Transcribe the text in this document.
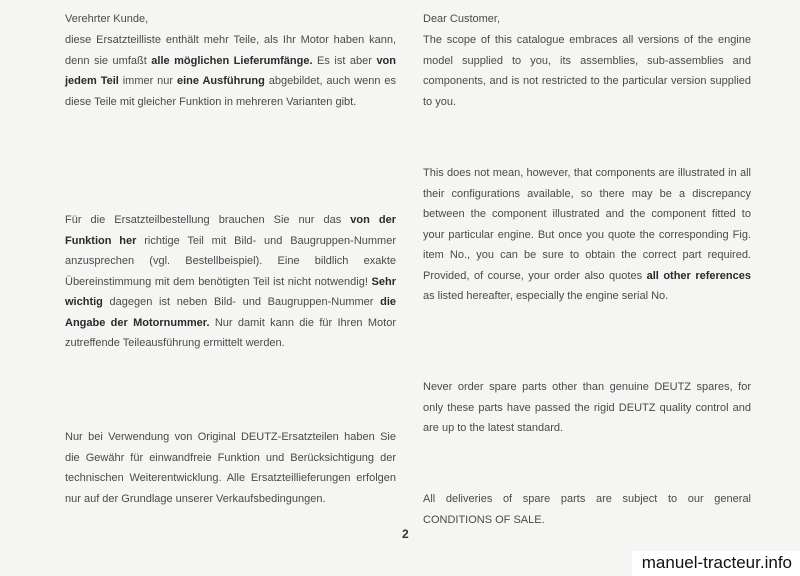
Verehrter Kunde,

diese Ersatzteilliste enthält mehr Teile, als Ihr Motor haben kann, denn sie umfaßt alle möglichen Lieferumfänge. Es ist aber von jedem Teil immer nur eine Ausführung abgebildet, auch wenn es diese Teile mit gleicher Funktion in mehreren Varianten gibt.

Für die Ersatzteilbestellung brauchen Sie nur das von der Funktion her richtige Teil mit Bild- und Baugruppen-Nummer anzusprechen (vgl. Bestellbeispiel). Eine bildlich exakte Übereinstimmung mit dem benötigten Teil ist nicht notwendig! Sehr wichtig dagegen ist neben Bild- und Baugruppen-Nummer die Angabe der Motornummer. Nur damit kann die für Ihren Motor zutreffende Teileausführung ermittelt werden.

Nur bei Verwendung von Original DEUTZ-Ersatzteilen haben Sie die Gewähr für einwandfreie Funktion und Berücksichtigung der technischen Weiterentwicklung. Alle Ersatzteillieferungen erfolgen nur auf der Grundlage unserer Verkaufsbedingungen.

Dear Customer,

The scope of this catalogue embraces all versions of the engine model supplied to you, its assemblies, sub-assemblies and components, and is not restricted to the particular version supplied to you.

This does not mean, however, that components are illustrated in all their configurations available, so there may be a discrepancy between the component illustrated and the component fitted to your particular engine. But once you quote the corresponding Fig. item No., you can be sure to obtain the correct part required. Provided, of course, your order also quotes all other references as listed hereafter, especially the engine serial No.

Never order spare parts other than genuine DEUTZ spares, for only these parts have passed the rigid DEUTZ quality control and are up to the latest standard.

All deliveries of spare parts are subject to our general CONDITIONS OF SALE.

2
manuel-tracteur.info
